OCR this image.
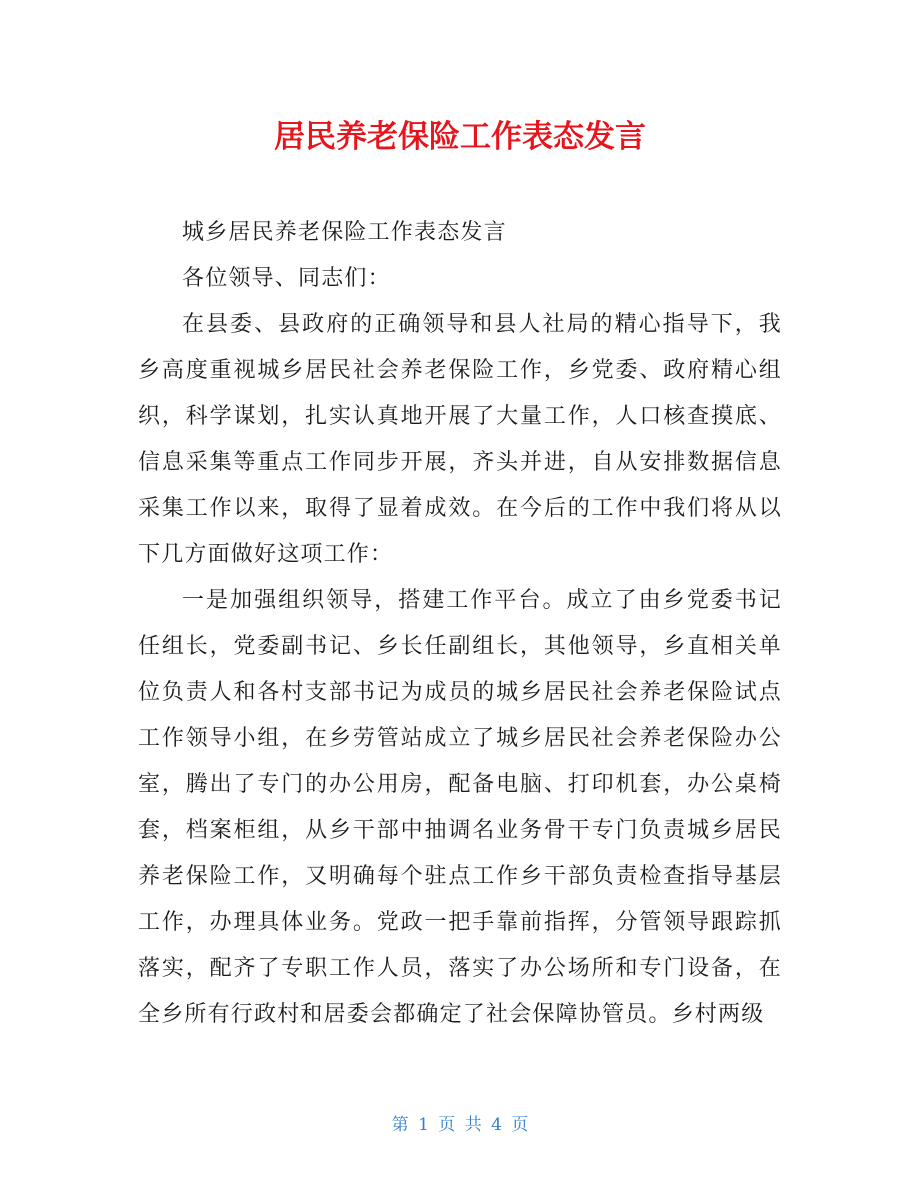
居民养老保险工作表态发言

城乡居民养老保险工作表态发言

各位领导、同志们：

在县委、县政府的正确领导和县人社局的精心指导下，我乡高度重视城乡居民社会养老保险工作，乡党委、政府精心组织，科学谋划，扎实认真地开展了大量工作，人口核查摸底、信息采集等重点工作同步开展，齐头并进，自从安排数据信息采集工作以来，取得了显着成效。在今后的工作中我们将从以下几方面做好这项工作：

一是加强组织领导，搭建工作平台。成立了由乡党委书记任组长，党委副书记、乡长任副组长，其他领导，乡直相关单位负责人和各村支部书记为成员的城乡居民社会养老保险试点工作领导小组，在乡劳管站成立了城乡居民社会养老保险办公室，腾出了专门的办公用房，配备电脑、打印机套，办公桌椅套，档案柜组，从乡干部中抽调名业务骨干专门负责城乡居民养老保险工作，又明确每个驻点工作乡干部负责检查指导基层工作，办理具体业务。党政一把手靠前指挥，分管领导跟踪抓落实，配齐了专职工作人员，落实了办公场所和专门设备，在全乡所有行政村和居委会都确定了社会保障协管员。乡村两级

第 1 页 共 4 页
